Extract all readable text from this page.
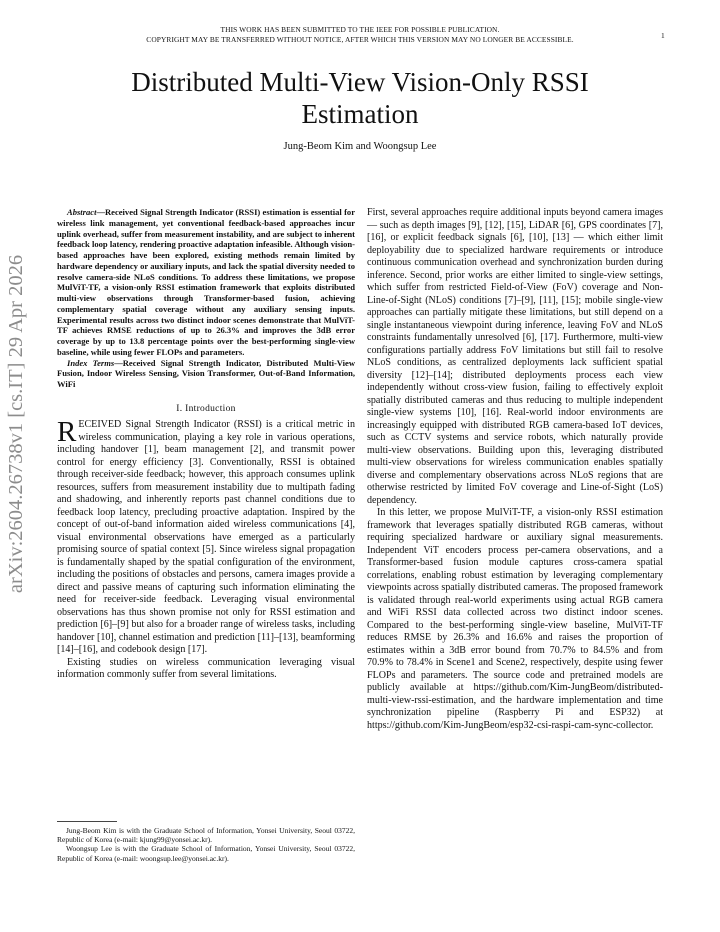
THIS WORK HAS BEEN SUBMITTED TO THE IEEE FOR POSSIBLE PUBLICATION.
COPYRIGHT MAY BE TRANSFERRED WITHOUT NOTICE, AFTER WHICH THIS VERSION MAY NO LONGER BE ACCESSIBLE.	1
arXiv:2604.26738v1 [cs.IT] 29 Apr 2026
Distributed Multi-View Vision-Only RSSI
Estimation
Jung-Beom Kim and Woongsup Lee

Abstract—Received Signal Strength Indicator (RSSI) estimation is essential for wireless link management, yet conventional feedback-based approaches incur uplink overhead, suffer from measurement instability, and are subject to inherent feedback loop latency, rendering proactive adaptation infeasible. Although vision-based approaches have been explored, existing methods remain limited by hardware dependency or auxiliary inputs, and lack the spatial diversity needed to resolve camera-side NLoS conditions. To address these limitations, we propose MulViT-TF, a vision-only RSSI estimation framework that exploits distributed multi-view observations through Transformer-based fusion, achieving complementary spatial coverage without any auxiliary sensing inputs. Experimental results across two distinct indoor scenes demonstrate that MulViT-TF achieves RMSE reductions of up to 26.3% and improves the 3dB error coverage by up to 13.8 percentage points over the best-performing single-view baseline, while using fewer FLOPs and parameters.

Index Terms—Received Signal Strength Indicator, Distributed Multi-View Fusion, Indoor Wireless Sensing, Vision Transformer, Out-of-Band Information, WiFi

I. Introduction

RECEIVED Signal Strength Indicator (RSSI) is a critical metric in wireless communication, playing a key role in various operations, including handover [1], beam management [2], and transmit power control for energy efficiency [3]. Conventionally, RSSI is obtained through receiver-side feedback; however, this approach consumes uplink resources, suffers from measurement instability due to multipath fading and shadowing, and inherently reports past channel conditions due to feedback loop latency, precluding proactive adaptation. Inspired by the concept of out-of-band information aided wireless communications [4], visual environmental observations have emerged as a particularly promising source of spatial context [5]. Since wireless signal propagation is fundamentally shaped by the spatial configuration of the environment, including the positions of obstacles and persons, camera images provide a direct and passive means of capturing such information eliminating the need for receiver-side feedback. Leveraging visual environmental observations has thus shown promise not only for RSSI estimation and prediction [6]–[9] but also for a broader range of wireless tasks, including handover [10], channel estimation and prediction [11]–[13], beamforming [14]–[16], and codebook design [17].

Existing studies on wireless communication leveraging visual information commonly suffer from several limitations.

Jung-Beom Kim is with the Graduate School of Information, Yonsei University, Seoul 03722, Republic of Korea (e-mail: kjung99@yonsei.ac.kr).

Woongsup Lee is with the Graduate School of Information, Yonsei University, Seoul 03722, Republic of Korea (e-mail: woongsup.lee@yonsei.ac.kr).

First, several approaches require additional inputs beyond camera images — such as depth images [9], [12], [15], LiDAR [6], GPS coordinates [7], [16], or explicit feedback signals [6], [10], [13] — which either limit deployability due to specialized hardware requirements or introduce continuous communication overhead and synchronization burden during inference. Second, prior works are either limited to single-view settings, which suffer from restricted Field-of-View (FoV) coverage and Non-Line-of-Sight (NLoS) conditions [7]–[9], [11], [15]; mobile single-view approaches can partially mitigate these limitations, but still depend on a single instantaneous viewpoint during inference, leaving FoV and NLoS constraints fundamentally unresolved [6], [17]. Furthermore, multi-view configurations partially address FoV limitations but still fail to resolve NLoS conditions, as centralized deployments lack sufficient spatial diversity [12]–[14]; distributed deployments process each view independently without cross-view fusion, failing to effectively exploit spatially distributed cameras and thus reducing to multiple independent single-view systems [10], [16]. Real-world indoor environments are increasingly equipped with distributed RGB camera-based IoT devices, such as CCTV systems and service robots, which naturally provide multi-view observations. Building upon this, leveraging distributed multi-view observations for wireless communication enables spatially diverse and complementary observations across NLoS regions that are otherwise restricted by limited FoV coverage and Line-of-Sight (LoS) dependency.

In this letter, we propose MulViT-TF, a vision-only RSSI estimation framework that leverages spatially distributed RGB cameras, without requiring specialized hardware or auxiliary signal measurements. Independent ViT encoders process per-camera observations, and a Transformer-based fusion module captures cross-camera spatial correlations, enabling robust estimation by leveraging complementary viewpoints across spatially distributed cameras. The proposed framework is validated through real-world experiments using actual RGB camera and WiFi RSSI data collected across two distinct indoor scenes. Compared to the best-performing single-view baseline, MulViT-TF reduces RMSE by 26.3% and 16.6% and raises the proportion of estimates within a 3dB error bound from 70.7% to 84.5% and from 70.9% to 78.4% in Scene1 and Scene2, respectively, despite using fewer FLOPs and parameters. The source code and pretrained models are publicly available at https://github.com/Kim-JungBeom/distributed-multi-view-rssi-estimation, and the hardware implementation and time synchronization pipeline (Raspberry Pi and ESP32) at https://github.com/Kim-JungBeom/esp32-csi-raspi-cam-sync-collector.
